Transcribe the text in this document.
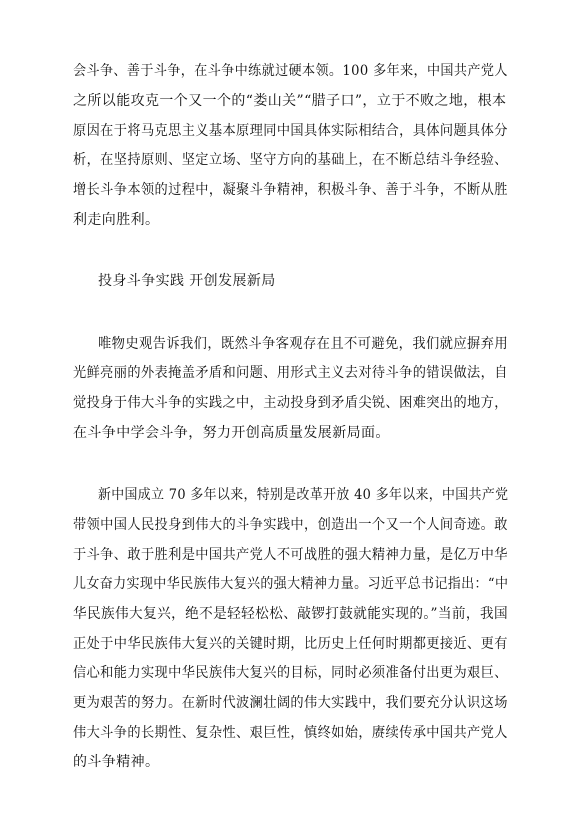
会斗争、善于斗争，在斗争中练就过硬本领。100 多年来，中国共产党人
之所以能攻克一个又一个的“娄山关”“腊子口”，立于不败之地，根本
原因在于将马克思主义基本原理同中国具体实际相结合，具体问题具体分
析，在坚持原则、坚定立场、坚守方向的基础上，在不断总结斗争经验、
增长斗争本领的过程中，凝聚斗争精神，积极斗争、善于斗争，不断从胜
利走向胜利。
投身斗争实践 开创发展新局
唯物史观告诉我们，既然斗争客观存在且不可避免，我们就应摒弃用
光鲜亮丽的外表掩盖矛盾和问题、用形式主义去对待斗争的错误做法，自
觉投身于伟大斗争的实践之中，主动投身到矛盾尖锐、困难突出的地方，
在斗争中学会斗争，努力开创高质量发展新局面。
新中国成立 70 多年以来，特别是改革开放 40 多年以来，中国共产党
带领中国人民投身到伟大的斗争实践中，创造出一个又一个人间奇迹。敢
于斗争、敢于胜利是中国共产党人不可战胜的强大精神力量，是亿万中华
儿女奋力实现中华民族伟大复兴的强大精神力量。习近平总书记指出：“中
华民族伟大复兴，绝不是轻轻松松、敲锣打鼓就能实现的。”当前，我国
正处于中华民族伟大复兴的关键时期，比历史上任何时期都更接近、更有
信心和能力实现中华民族伟大复兴的目标，同时必须准备付出更为艰巨、
更为艰苦的努力。在新时代波澜壮阔的伟大实践中，我们要充分认识这场
伟大斗争的长期性、复杂性、艰巨性，慎终如始，赓续传承中国共产党人
的斗争精神。
